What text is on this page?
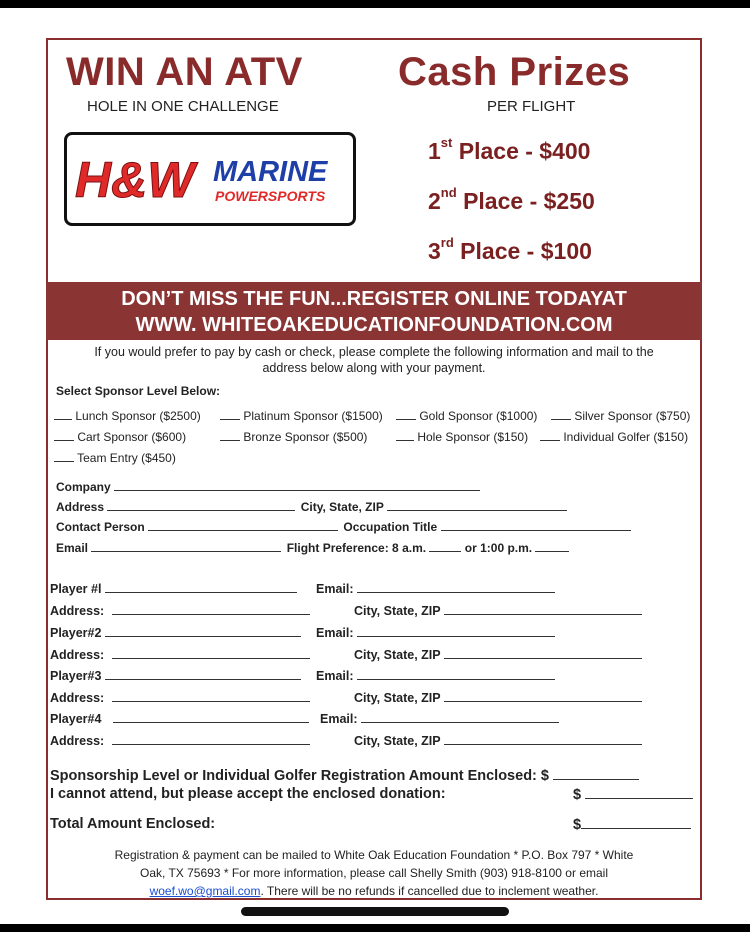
WIN AN ATV
HOLE IN ONE CHALLENGE
Cash Prizes
PER FLIGHT
H&W MARINE
POWERSPORTS
1st Place - $400
2nd Place - $250
3rd Place - $100
DON’T MISS THE FUN...REGISTER ONLINE TODAYAT
WWW. WHITEOAKEDUCATIONFOUNDATION.COM
If you would prefer to pay by cash or check, please complete the following information and mail to the
address below along with your payment.
Select Sponsor Level Below:
Lunch Sponsor ($2500)	Platinum Sponsor ($1500)	Gold Sponsor ($1000)	Silver Sponsor ($750)
Cart Sponsor ($600)	Bronze Sponsor ($500)	Hole Sponsor ($150)	Individual Golfer ($150)
Team Entry ($450)
Company
Address	City, State, ZIP
Contact Person	Occupation Title
Email	Flight Preference: 8 a.m.	or 1:00 p.m.
Player #l	Email:
Address:	City, State, ZIP
Player#2	Email:
Address:	City, State, ZIP
Player#3	Email:
Address:	City, State, ZIP
Player#4	Email:
Address:	City, State, ZIP
Sponsorship Level or Individual Golfer Registration Amount Enclosed: $
I cannot attend, but please accept the enclosed donation:	$
Total Amount Enclosed:	$
Registration & payment can be mailed to White Oak Education Foundation * P.O. Box 797 * White
Oak, TX 75693 * For more information, please call Shelly Smith (903) 918-8100 or email
woef.wo@gmail.com. There will be no refunds if cancelled due to inclement weather.
